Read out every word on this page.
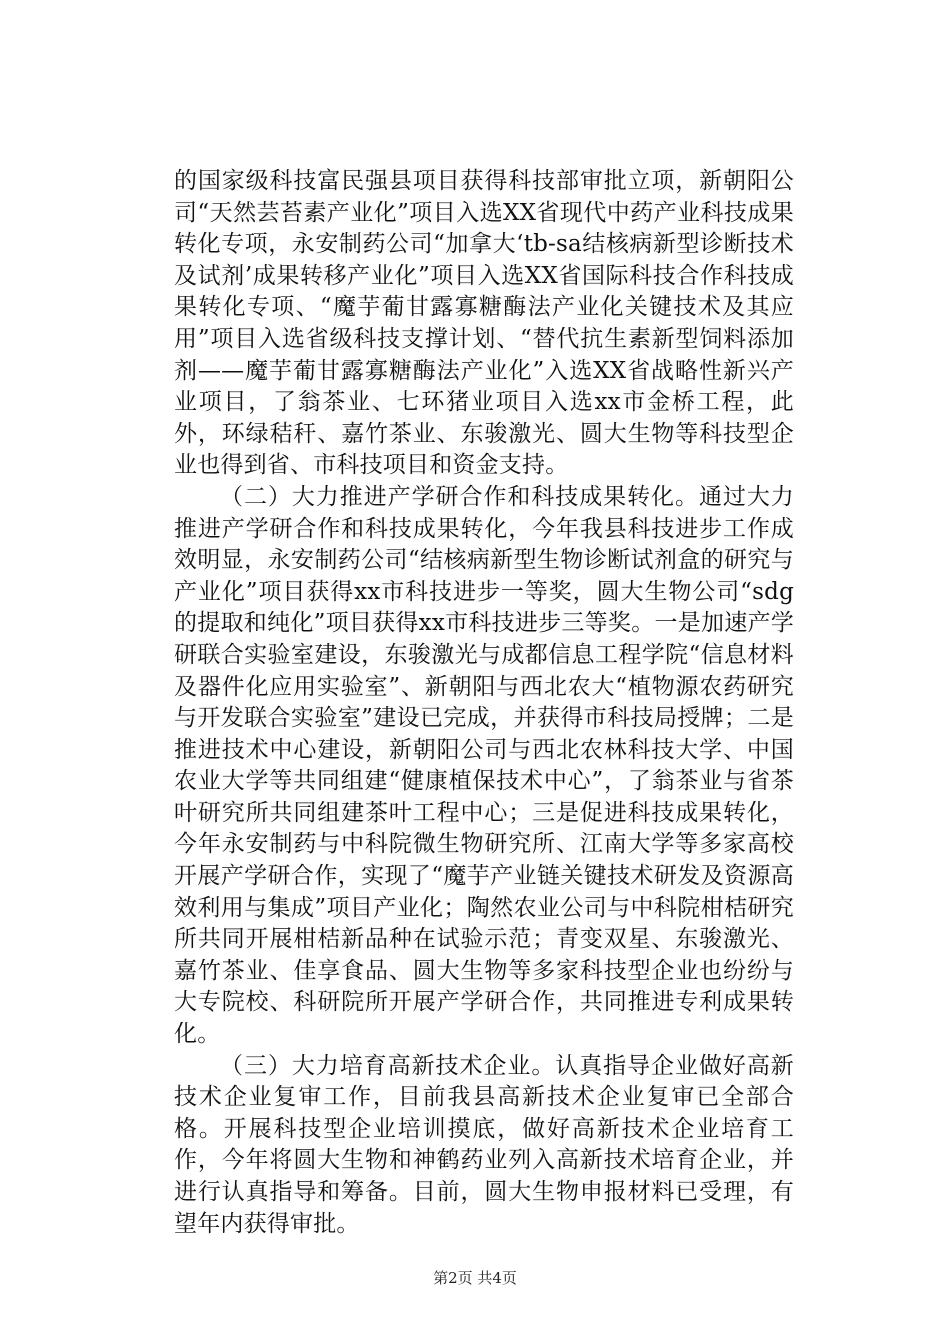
的国家级科技富民强县项目获得科技部审批立项，新朝阳公司“天然芸苔素产业化”项目入选XX省现代中药产业科技成果转化专项，永安制药公司“加拿大‘tb-sa结核病新型诊断技术及试剂’成果转移产业化”项目入选XX省国际科技合作科技成果转化专项、“魔芋葡甘露寡糖酶法产业化关键技术及其应用”项目入选省级科技支撑计划、“替代抗生素新型饲料添加剂——魔芋葡甘露寡糖酶法产业化”入选XX省战略性新兴产业项目，了翁茶业、七环猪业项目入选xx市金桥工程，此外，环绿秸秆、嘉竹茶业、东骏激光、圆大生物等科技型企业也得到省、市科技项目和资金支持。

（二）大力推进产学研合作和科技成果转化。通过大力推进产学研合作和科技成果转化，今年我县科技进步工作成效明显，永安制药公司“结核病新型生物诊断试剂盒的研究与产业化”项目获得xx市科技进步一等奖，圆大生物公司“sdg的提取和纯化”项目获得xx市科技进步三等奖。一是加速产学研联合实验室建设，东骏激光与成都信息工程学院“信息材料及器件化应用实验室”、新朝阳与西北农大“植物源农药研究与开发联合实验室”建设已完成，并获得市科技局授牌；二是推进技术中心建设，新朝阳公司与西北农林科技大学、中国农业大学等共同组建“健康植保技术中心”，了翁茶业与省茶叶研究所共同组建茶叶工程中心；三是促进科技成果转化，今年永安制药与中科院微生物研究所、江南大学等多家高校开展产学研合作，实现了“魔芋产业链关键技术研发及资源高效利用与集成”项目产业化；陶然农业公司与中科院柑桔研究所共同开展柑桔新品种在试验示范；青变双星、东骏激光、嘉竹茶业、佳享食品、圆大生物等多家科技型企业也纷纷与大专院校、科研院所开展产学研合作，共同推进专利成果转化。

（三）大力培育高新技术企业。认真指导企业做好高新技术企业复审工作，目前我县高新技术企业复审已全部合格。开展科技型企业培训摸底，做好高新技术企业培育工作，今年将圆大生物和神鹤药业列入高新技术培育企业，并进行认真指导和筹备。目前，圆大生物申报材料已受理，有望年内获得审批。

第2页 共4页
